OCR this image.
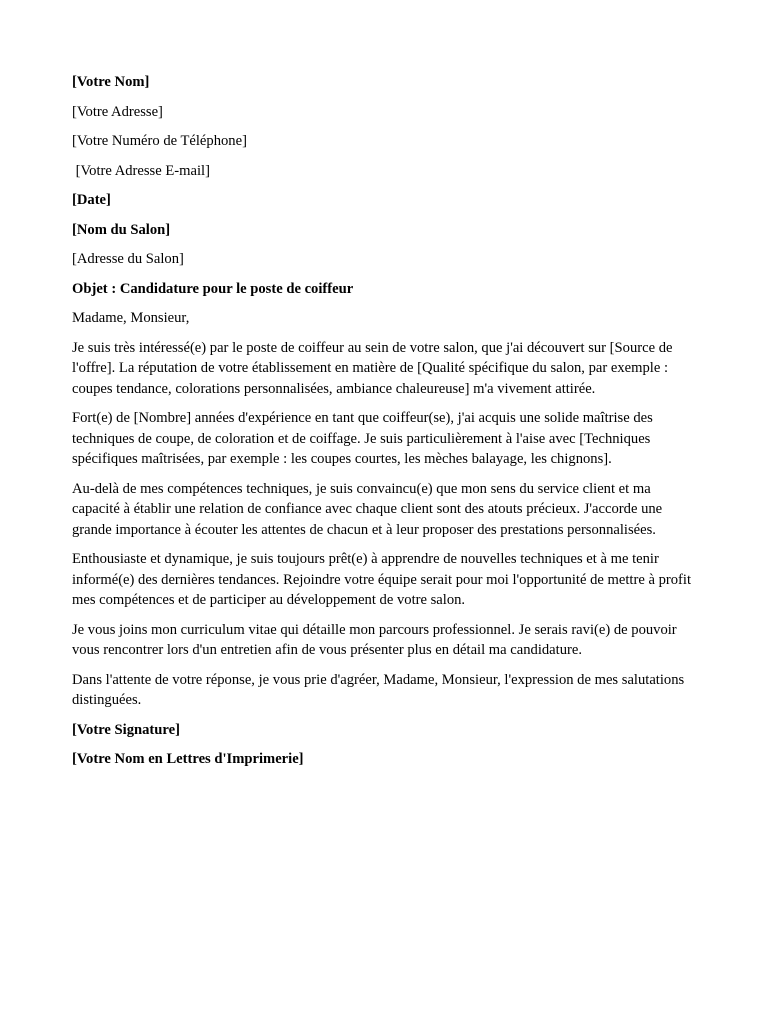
[Votre Nom]

[Votre Adresse]

[Votre Numéro de Téléphone]

[Votre Adresse E-mail]

[Date]

[Nom du Salon]

[Adresse du Salon]

Objet : Candidature pour le poste de coiffeur

Madame, Monsieur,

Je suis très intéressé(e) par le poste de coiffeur au sein de votre salon, que j'ai découvert sur [Source de l'offre]. La réputation de votre établissement en matière de [Qualité spécifique du salon, par exemple : coupes tendance, colorations personnalisées, ambiance chaleureuse] m'a vivement attirée.

Fort(e) de [Nombre] années d'expérience en tant que coiffeur(se), j'ai acquis une solide maîtrise des techniques de coupe, de coloration et de coiffage. Je suis particulièrement à l'aise avec [Techniques spécifiques maîtrisées, par exemple : les coupes courtes, les mèches balayage, les chignons].

Au-delà de mes compétences techniques, je suis convaincu(e) que mon sens du service client et ma capacité à établir une relation de confiance avec chaque client sont des atouts précieux. J'accorde une grande importance à écouter les attentes de chacun et à leur proposer des prestations personnalisées.

Enthousiaste et dynamique, je suis toujours prêt(e) à apprendre de nouvelles techniques et à me tenir informé(e) des dernières tendances. Rejoindre votre équipe serait pour moi l'opportunité de mettre à profit mes compétences et de participer au développement de votre salon.

Je vous joins mon curriculum vitae qui détaille mon parcours professionnel. Je serais ravi(e) de pouvoir vous rencontrer lors d'un entretien afin de vous présenter plus en détail ma candidature.

Dans l'attente de votre réponse, je vous prie d'agréer, Madame, Monsieur, l'expression de mes salutations distinguées.

[Votre Signature]

[Votre Nom en Lettres d'Imprimerie]
